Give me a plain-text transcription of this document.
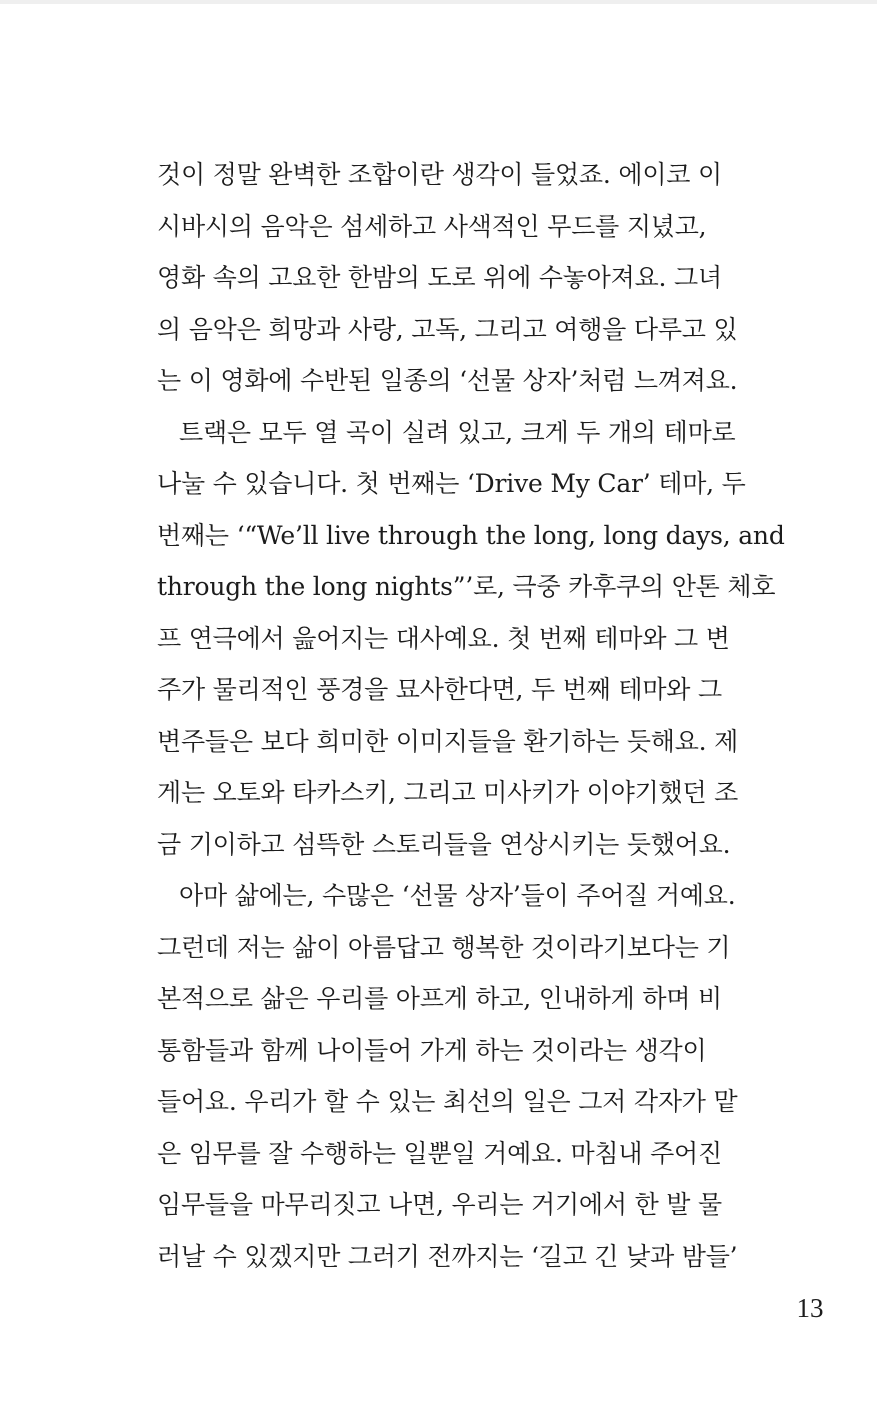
것이 정말 완벽한 조합이란 생각이 들었죠. 에이코 이
시바시의 음악은 섬세하고 사색적인 무드를 지녔고,
영화 속의 고요한 한밤의 도로 위에 수놓아져요. 그녀
의 음악은 희망과 사랑, 고독, 그리고 여행을 다루고 있
는 이 영화에 수반된 일종의 ‘선물 상자’처럼 느껴져요.
트랙은 모두 열 곡이 실려 있고, 크게 두 개의 테마로
나눌 수 있습니다. 첫 번째는 ‘Drive My Car’ 테마, 두
번째는 ‘“We’ll live through the long, long days, and
through the long nights”’로, 극중 카후쿠의 안톤 체호
프 연극에서 읊어지는 대사예요. 첫 번째 테마와 그 변
주가 물리적인 풍경을 묘사한다면, 두 번째 테마와 그
변주들은 보다 희미한 이미지들을 환기하는 듯해요. 제
게는 오토와 타카스키, 그리고 미사키가 이야기했던 조
금 기이하고 섬뜩한 스토리들을 연상시키는 듯했어요.
아마 삶에는, 수많은 ‘선물 상자’들이 주어질 거예요.
그런데 저는 삶이 아름답고 행복한 것이라기보다는 기
본적으로 삶은 우리를 아프게 하고, 인내하게 하며 비
통함들과 함께 나이들어 가게 하는 것이라는 생각이
들어요. 우리가 할 수 있는 최선의 일은 그저 각자가 맡
은 임무를 잘 수행하는 일뿐일 거예요. 마침내 주어진
임무들을 마무리짓고 나면, 우리는 거기에서 한 발 물
러날 수 있겠지만 그러기 전까지는 ‘길고 긴 낮과 밤들’
13
